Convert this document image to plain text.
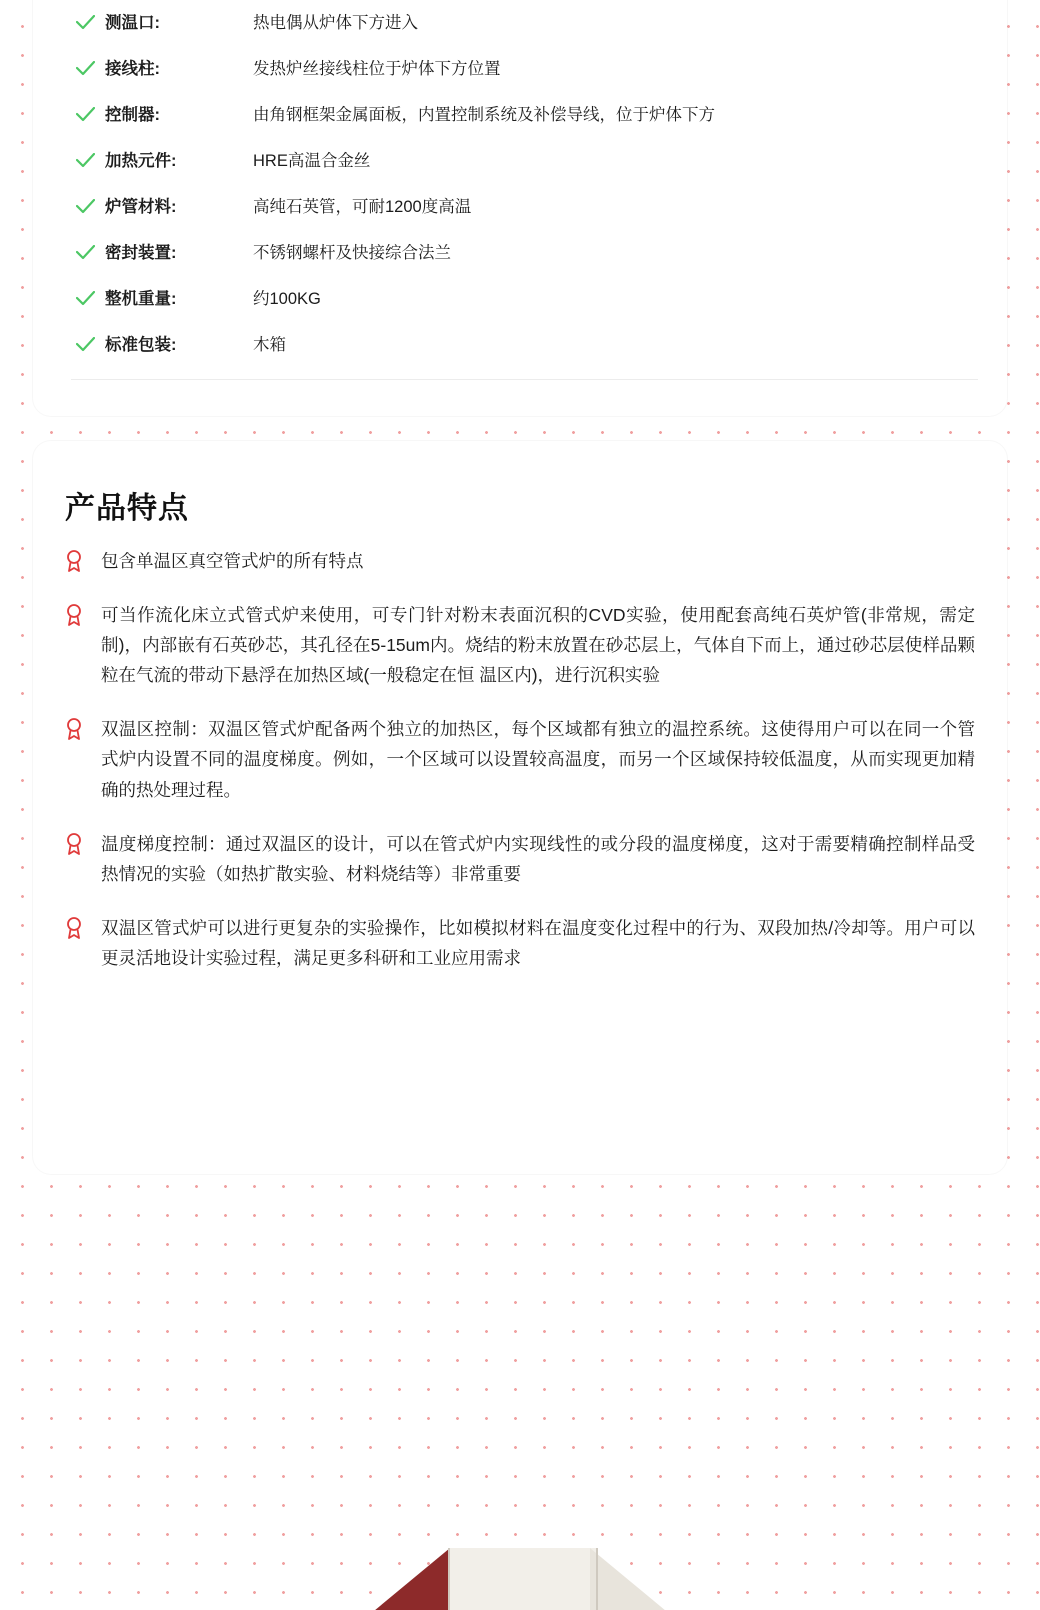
测温口:	热电偶从炉体下方进入
接线柱:	发热炉丝接线柱位于炉体下方位置
控制器:	由角钢框架金属面板，内置控制系统及补偿导线，位于炉体下方
加热元件:	HRE高温合金丝
炉管材料:	高纯石英管，可耐1200度高温
密封装置:	不锈钢螺杆及快接综合法兰
整机重量:	约100KG
标准包装:	木箱
产品特点
包含单温区真空管式炉的所有特点
可当作流化床立式管式炉来使用，可专门针对粉末表面沉积的CVD实验，使用配套高纯石英炉管(非常规，需定制)，内部嵌有石英砂芯，其孔径在5-15um内。烧结的粉末放置在砂芯层上，气体自下而上，通过砂芯层使样品颗粒在气流的带动下悬浮在加热区域(一般稳定在恒 温区内)，进行沉积实验
双温区控制：双温区管式炉配备两个独立的加热区，每个区域都有独立的温控系统。这使得用户可以在同一个管式炉内设置不同的温度梯度。例如，一个区域可以设置较高温度，而另一个区域保持较低温度，从而实现更加精确的热处理过程。
温度梯度控制：通过双温区的设计，可以在管式炉内实现线性的或分段的温度梯度，这对于需要精确控制样品受热情况的实验（如热扩散实验、材料烧结等）非常重要
双温区管式炉可以进行更复杂的实验操作，比如模拟材料在温度变化过程中的行为、双段加热/冷却等。用户可以更灵活地设计实验过程，满足更多科研和工业应用需求
